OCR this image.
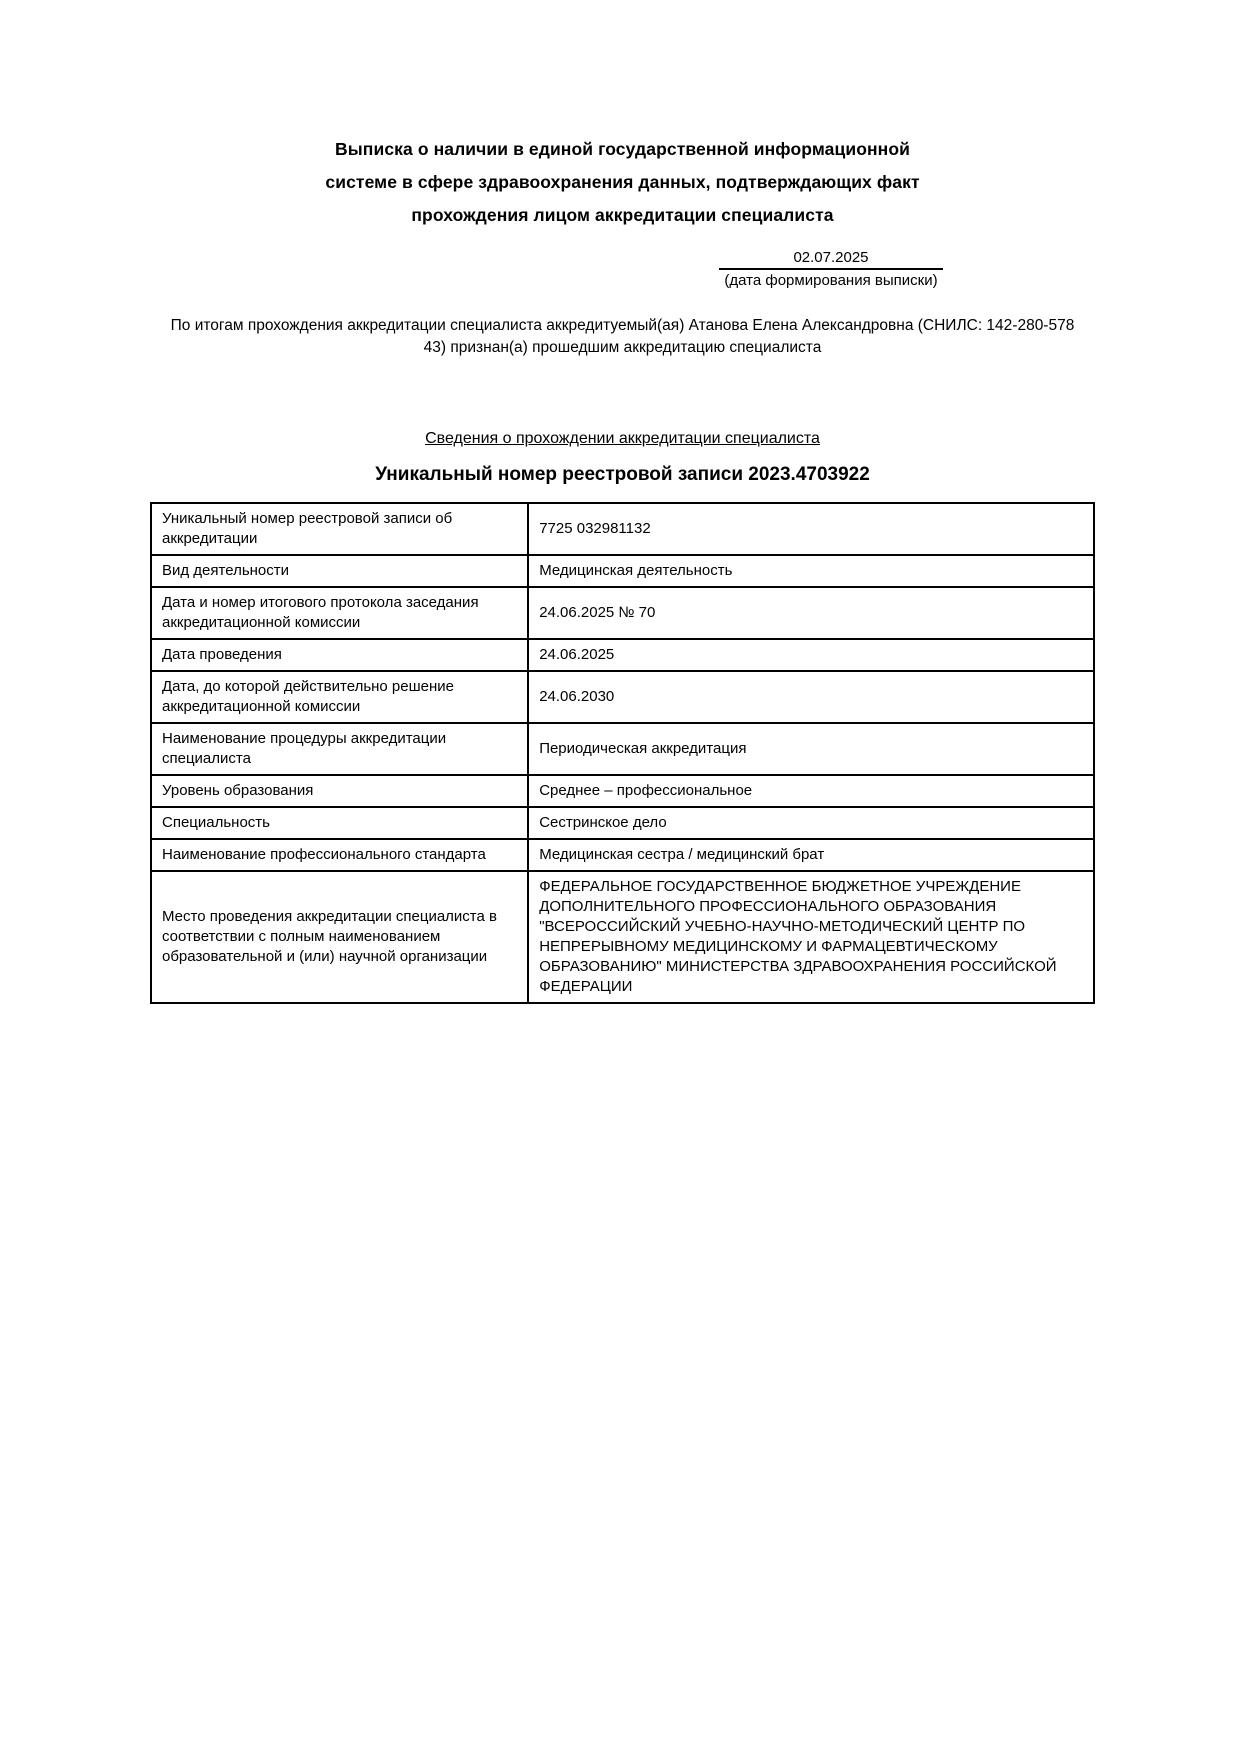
Выписка о наличии в единой государственной информационной
системе в сфере здравоохранения данных, подтверждающих факт
прохождения лицом аккредитации специалиста
02.07.2025
(дата формирования выписки)

По итогам прохождения аккредитации специалиста аккредитуемый(ая) Атанова Елена Александровна (СНИЛС: 142-280-578
43) признан(а) прошедшим аккредитацию специалиста

Сведения о прохождении аккредитации специалиста
Уникальный номер реестровой записи 2023.4703922
Уникальный номер реестровой записи об аккредитации	7725 032981132
Вид деятельности	Медицинская деятельность
Дата и номер итогового протокола заседания аккредитационной комиссии	24.06.2025 № 70
Дата проведения	24.06.2025
Дата, до которой действительно решение аккредитационной комиссии	24.06.2030
Наименование процедуры аккредитации специалиста	Периодическая аккредитация
Уровень образования	Среднее – профессиональное
Специальность	Сестринское дело
Наименование профессионального стандарта	Медицинская сестра / медицинский брат
Место проведения аккредитации специалиста в соответствии с полным наименованием образовательной и (или) научной организации	ФЕДЕРАЛЬНОЕ ГОСУДАРСТВЕННОЕ БЮДЖЕТНОЕ УЧРЕЖДЕНИЕ ДОПОЛНИТЕЛЬНОГО ПРОФЕССИОНАЛЬНОГО ОБРАЗОВАНИЯ "ВСЕРОССИЙСКИЙ УЧЕБНО-НАУЧНО-МЕТОДИЧЕСКИЙ ЦЕНТР ПО НЕПРЕРЫВНОМУ МЕДИЦИНСКОМУ И ФАРМАЦЕВТИЧЕСКОМУ ОБРАЗОВАНИЮ" МИНИСТЕРСТВА ЗДРАВООХРАНЕНИЯ РОССИЙСКОЙ ФЕДЕРАЦИИ
